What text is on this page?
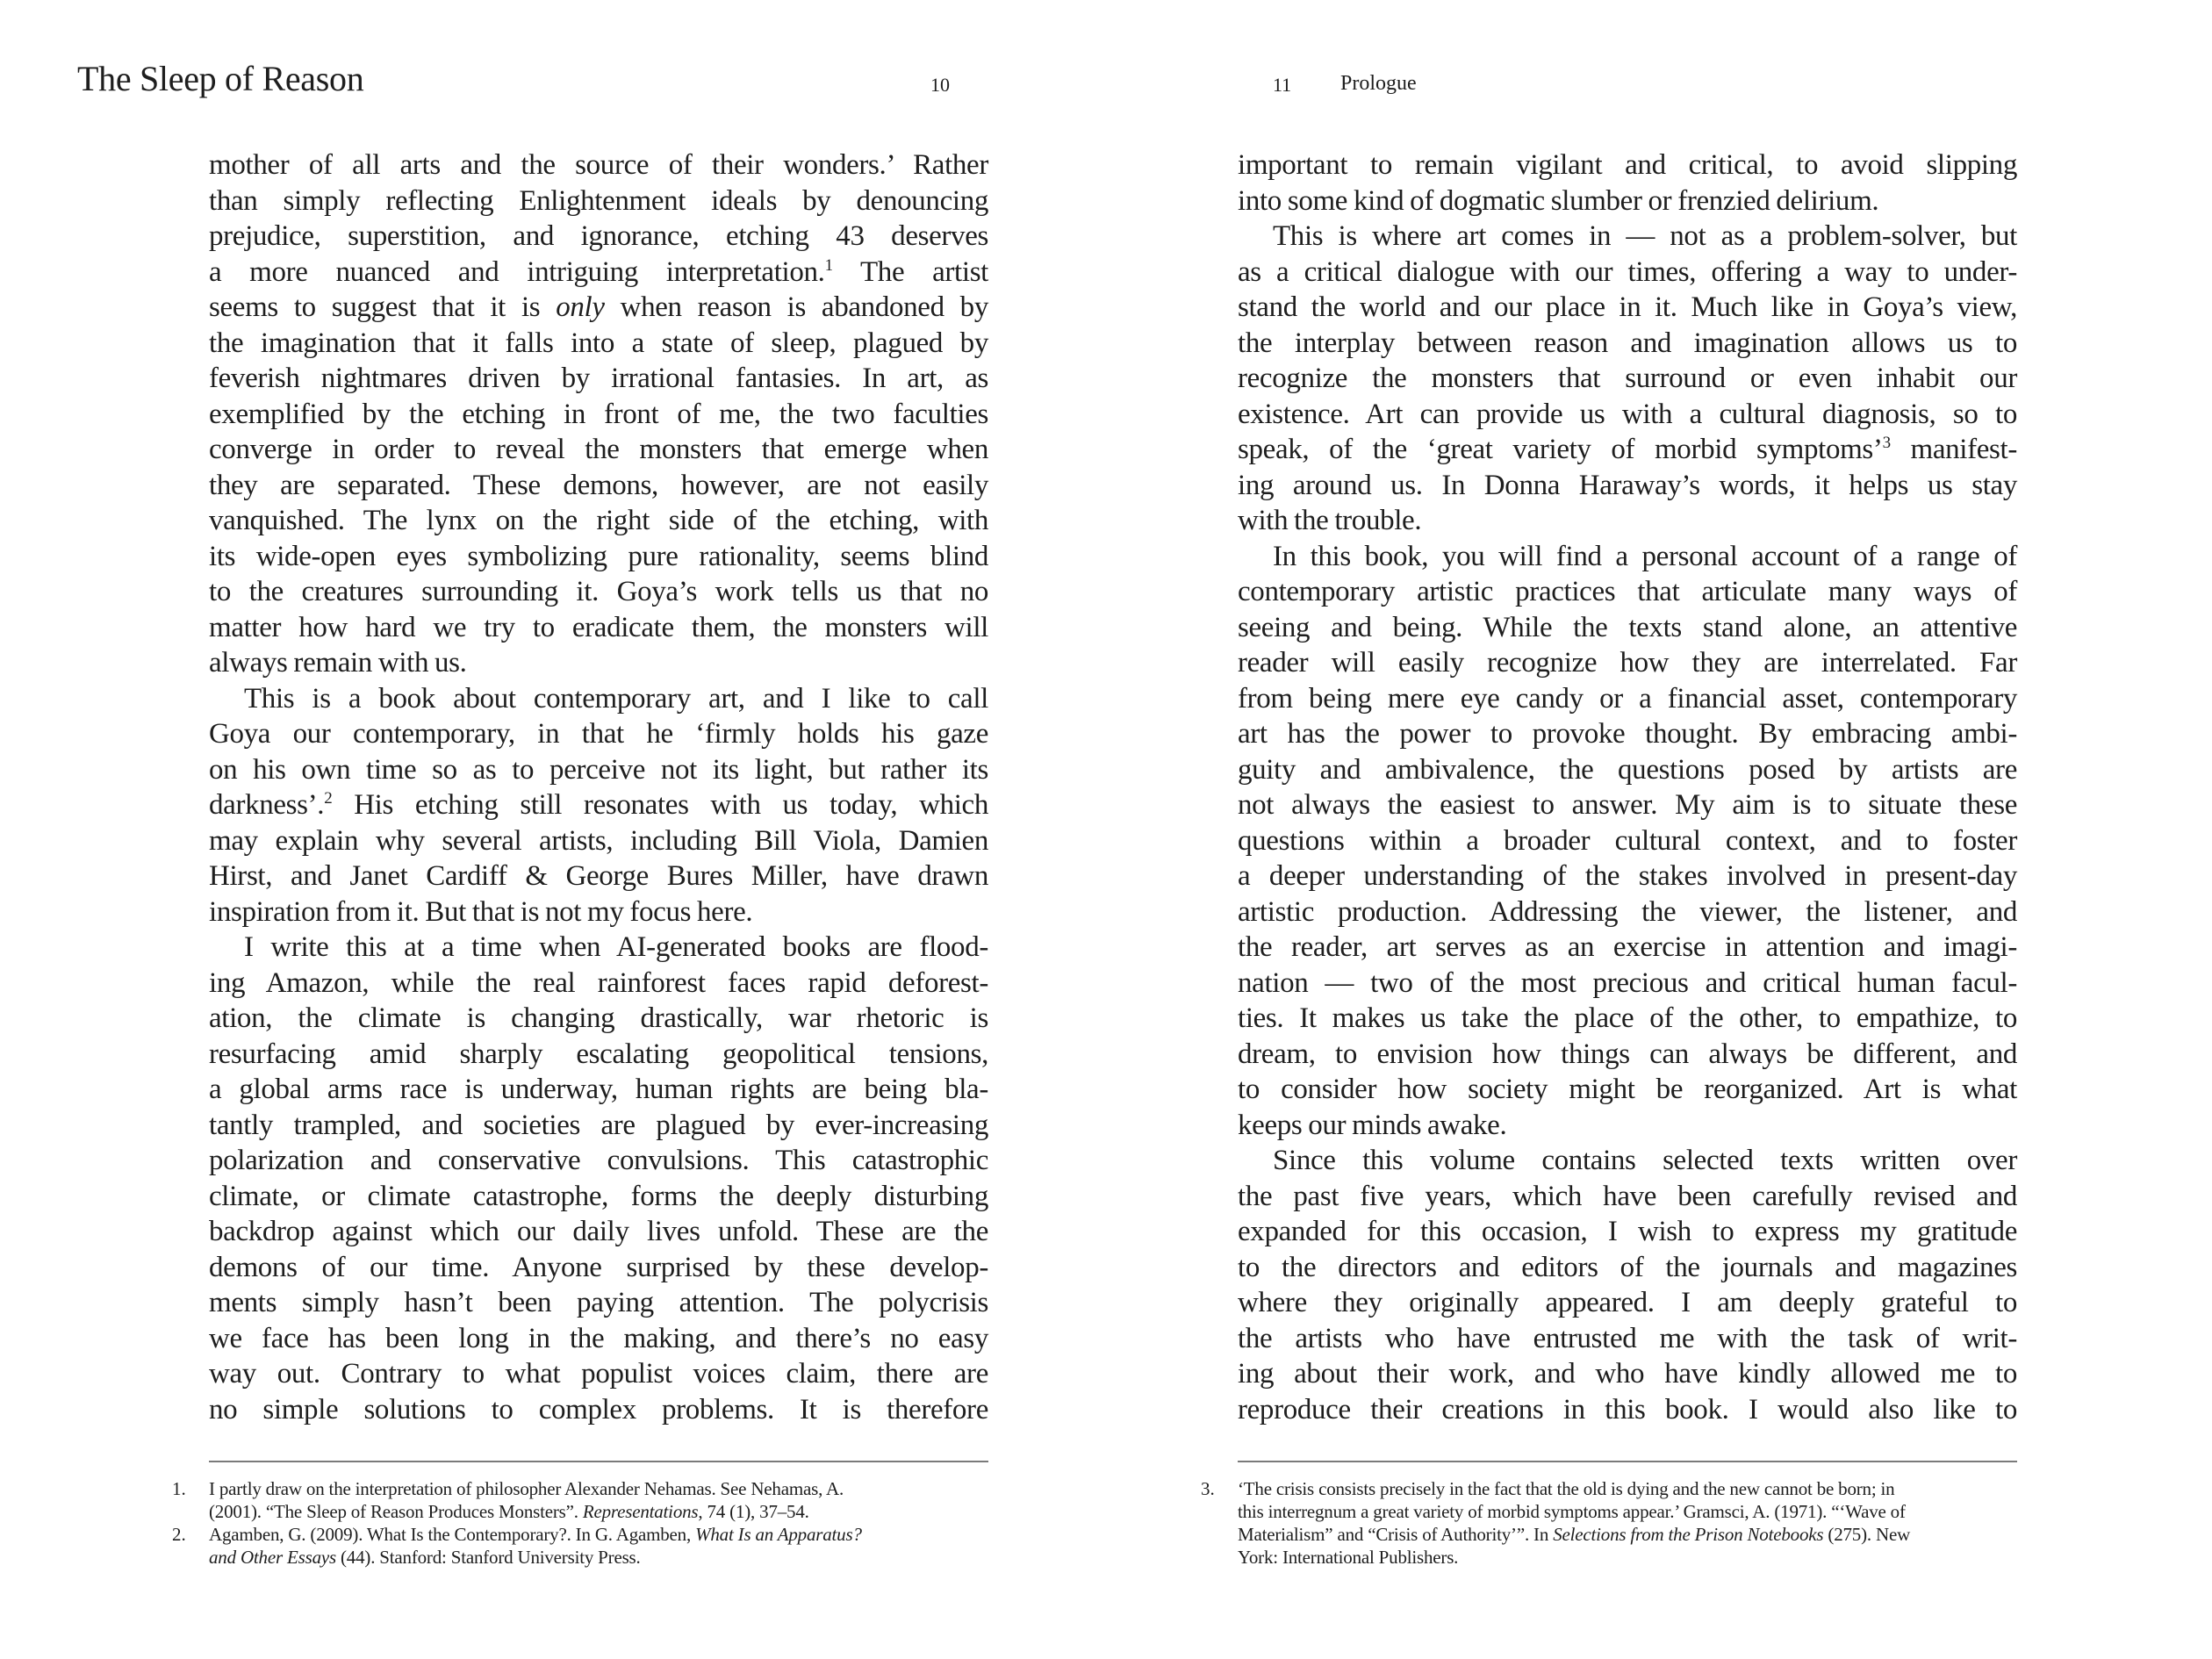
The Sleep of Reason	10
mother of all arts and the source of their wonders.’ Rather
than simply reflecting Enlightenment ideals by denouncing
prejudice, superstition, and ignorance, etching 43 deserves
a more nuanced and intriguing interpretation.$^1$ The artist
seems to suggest that it is only when reason is abandoned by
the imagination that it falls into a state of sleep, plagued by
feverish nightmares driven by irrational fantasies. In art, as
exemplified by the etching in front of me, the two faculties
converge in order to reveal the monsters that emerge when
they are separated. These demons, however, are not easily
vanquished. The lynx on the right side of the etching, with
its wide-open eyes symbolizing pure rationality, seems blind
to the creatures surrounding it. Goya’s work tells us that no
matter how hard we try to eradicate them, the monsters will
always remain with us.
This is a book about contemporary art, and I like to call
Goya our contemporary, in that he ‘firmly holds his gaze
on his own time so as to perceive not its light, but rather its
darkness’.$^2$ His etching still resonates with us today, which
may explain why several artists, including Bill Viola, Damien
Hirst, and Janet Cardiff & George Bures Miller, have drawn
inspiration from it. But that is not my focus here.
I write this at a time when AI-generated books are flood-
ing Amazon, while the real rainforest faces rapid deforest-
ation, the climate is changing drastically, war rhetoric is
resurfacing amid sharply escalating geopolitical tensions,
a global arms race is underway, human rights are being bla-
tantly trampled, and societies are plagued by ever-increasing
polarization and conservative convulsions. This catastrophic
climate, or climate catastrophe, forms the deeply disturbing
backdrop against which our daily lives unfold. These are the
demons of our time. Anyone surprised by these develop-
ments simply hasn’t been paying attention. The polycrisis
we face has been long in the making, and there’s no easy
way out. Contrary to what populist voices claim, there are
no simple solutions to complex problems. It is therefore
1. I partly draw on the interpretation of philosopher Alexander Nehamas. See Nehamas, A.
(2001). “The Sleep of Reason Produces Monsters”. Representations, 74 (1), 37–54.
2. Agamben, G. (2009). What Is the Contemporary?. In G. Agamben, What Is an Apparatus?
and Other Essays (44). Stanford: Stanford University Press.
11 Prologue
important to remain vigilant and critical, to avoid slipping
into some kind of dogmatic slumber or frenzied delirium.
This is where art comes in — not as a problem-solver, but
as a critical dialogue with our times, offering a way to under-
stand the world and our place in it. Much like in Goya’s view,
the interplay between reason and imagination allows us to
recognize the monsters that surround or even inhabit our
existence. Art can provide us with a cultural diagnosis, so to
speak, of the ‘great variety of morbid symptoms’$^3$ manifest-
ing around us. In Donna Haraway’s words, it helps us stay
with the trouble.
In this book, you will find a personal account of a range of
contemporary artistic practices that articulate many ways of
seeing and being. While the texts stand alone, an attentive
reader will easily recognize how they are interrelated. Far
from being mere eye candy or a financial asset, contemporary
art has the power to provoke thought. By embracing ambi-
guity and ambivalence, the questions posed by artists are
not always the easiest to answer. My aim is to situate these
questions within a broader cultural context, and to foster
a deeper understanding of the stakes involved in present-day
artistic production. Addressing the viewer, the listener, and
the reader, art serves as an exercise in attention and imagi-
nation — two of the most precious and critical human facul-
ties. It makes us take the place of the other, to empathize, to
dream, to envision how things can always be different, and
to consider how society might be reorganized. Art is what
keeps our minds awake.
Since this volume contains selected texts written over
the past five years, which have been carefully revised and
expanded for this occasion, I wish to express my gratitude
to the directors and editors of the journals and magazines
where they originally appeared. I am deeply grateful to
the artists who have entrusted me with the task of writ-
ing about their work, and who have kindly allowed me to
reproduce their creations in this book. I would also like to
3. ‘The crisis consists precisely in the fact that the old is dying and the new cannot be born; in
this interregnum a great variety of morbid symptoms appear.’ Gramsci, A. (1971). “‘Wave of
Materialism” and “Crisis of Authority’”. In Selections from the Prison Notebooks (275). New
York: International Publishers.
